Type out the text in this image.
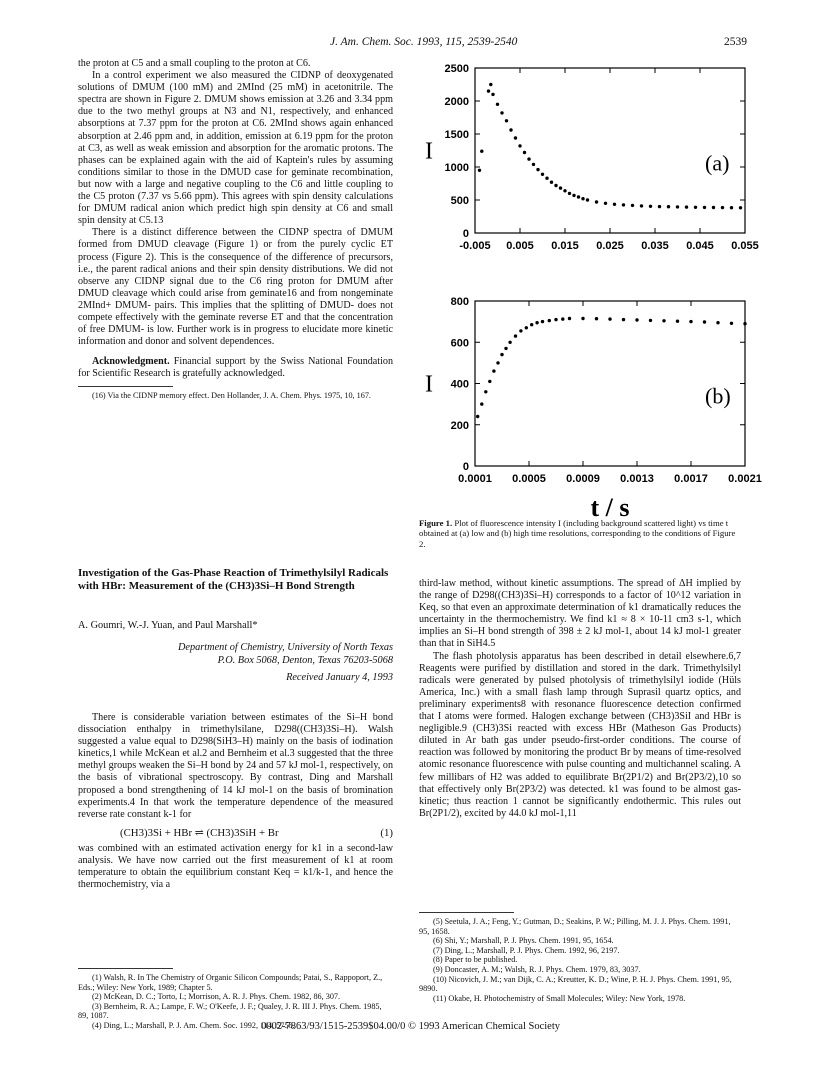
J. Am. Chem. Soc. 1993, 115, 2539-2540	2539

the proton at C5 and a small coupling to the proton at C6.

In a control experiment we also measured the CIDNP of deoxygenated solutions of DMUM (100 mM) and 2MInd (25 mM) in acetonitrile. The spectra are shown in Figure 2. DMUM shows emission at 3.26 and 3.34 ppm due to the two methyl groups at N3 and N1, respectively, and enhanced absorptions at 7.37 ppm for the proton at C6. 2MInd shows again enhanced absorption at 2.46 ppm and, in addition, emission at 6.19 ppm for the proton at C3, as well as weak emission and absorption for the aromatic protons. The phases can be explained again with the aid of Kaptein's rules by assuming conditions similar to those in the DMUD case for geminate recombination, but now with a large and negative coupling to the C6 and little coupling to the C5 proton (7.37 vs 5.66 ppm). This agrees with spin density calculations for DMUM radical anion which predict high spin density at C6 and small spin density at C5.13

There is a distinct difference between the CIDNP spectra of DMUM formed from DMUD cleavage (Figure 1) or from the purely cyclic ET process (Figure 2). This is the consequence of the difference of precursors, i.e., the parent radical anions and their spin density distributions. We did not observe any CIDNP signal due to the C6 ring proton for DMUM after DMUD cleavage which could arise from geminate16 and from nongeminate 2MInd+ DMUM- pairs. This implies that the splitting of DMUD- does not compete effectively with the geminate reverse ET and that the concentration of free DMUM- is low. Further work is in progress to elucidate more kinetic information and donor and solvent dependences.

Acknowledgment. Financial support by the Swiss National Foundation for Scientific Research is gratefully acknowledged.

(16) Via the CIDNP memory effect. Den Hollander, J. A. Chem. Phys. 1975, 10, 167.

0
500
1000
1500
2000
2500
-0.005 0.005 0.015 0.025 0.035 0.045 0.055
I	(a)
0
200
400
600
800
0.0001 0.0005 0.0009 0.0013 0.0017 0.0021
I	(b)
t / s
Figure 1. Plot of fluorescence intensity I (including background scattered light) vs time t obtained at (a) low and (b) high time resolutions, corresponding to the conditions of Figure 2.
Investigation of the Gas-Phase Reaction of Trimethylsilyl Radicals with HBr: Measurement of the (CH3)3Si–H Bond Strength
A. Goumri, W.-J. Yuan, and Paul Marshall*
Department of Chemistry, University of North Texas
P.O. Box 5068, Denton, Texas 76203-5068
Received January 4, 1993

There is considerable variation between estimates of the Si–H bond dissociation enthalpy in trimethylsilane, D298((CH3)3Si–H). Walsh suggested a value equal to D298(SiH3–H) mainly on the basis of iodination kinetics,1 while McKean et al.2 and Bernheim et al.3 suggested that the three methyl groups weaken the Si–H bond by 24 and 57 kJ mol-1, respectively, on the basis of vibrational spectroscopy. By contrast, Ding and Marshall proposed a bond strengthening of 14 kJ mol-1 on the basis of bromination experiments.4 In that work the temperature dependence of the measured reverse rate constant k-1 for

(CH3)3Si + HBr ⇌ (CH3)3SiH + Br	(1)

was combined with an estimated activation energy for k1 in a second-law analysis. We have now carried out the first measurement of k1 at room temperature to obtain the equilibrium constant Keq = k1/k-1, and hence the thermochemistry, via a

(1) Walsh, R. In The Chemistry of Organic Silicon Compounds; Patai, S., Rappoport, Z., Eds.; Wiley: New York, 1989; Chapter 5.

(2) McKean, D. C.; Torto, I.; Morrison, A. R. J. Phys. Chem. 1982, 86, 307.

(3) Bernheim, R. A.; Lampe, F. W.; O'Keefe, J. F.; Qualey, J. R. III J. Phys. Chem. 1985, 89, 1087.

(4) Ding, L.; Marshall, P. J. Am. Chem. Soc. 1992, 114, 5756.

third-law method, without kinetic assumptions. The spread of ΔH implied by the range of D298((CH3)3Si–H) corresponds to a factor of 10^12 variation in Keq, so that even an approximate determination of k1 dramatically reduces the uncertainty in the thermochemistry. We find k1 ≈ 8 × 10-11 cm3 s-1, which implies an Si–H bond strength of 398 ± 2 kJ mol-1, about 14 kJ mol-1 greater than that in SiH4.5

The flash photolysis apparatus has been described in detail elsewhere.6,7 Reagents were purified by distillation and stored in the dark. Trimethylsilyl radicals were generated by pulsed photolysis of trimethylsilyl iodide (Hüls America, Inc.) with a small flash lamp through Suprasil quartz optics, and preliminary experiments8 with resonance fluorescence detection confirmed that I atoms were formed. Halogen exchange between (CH3)3SiI and HBr is negligible.9 (CH3)3Si reacted with excess HBr (Matheson Gas Products) diluted in Ar bath gas under pseudo-first-order conditions. The course of reaction was followed by monitoring the product Br by means of time-resolved atomic resonance fluorescence with pulse counting and multichannel scaling. A few millibars of H2 was added to equilibrate Br(2P1/2) and Br(2P3/2),10 so that effectively only Br(2P3/2) was detected. k1 was found to be almost gas-kinetic; thus reaction 1 cannot be significantly endothermic. This rules out Br(2P1/2), excited by 44.0 kJ mol-1,11

(5) Seetula, J. A.; Feng, Y.; Gutman, D.; Seakins, P. W.; Pilling, M. J. J. Phys. Chem. 1991, 95, 1658.

(6) Shi, Y.; Marshall, P. J. Phys. Chem. 1991, 95, 1654.

(7) Ding, L.; Marshall, P. J. Phys. Chem. 1992, 96, 2197.

(8) Paper to be published.

(9) Doncaster, A. M.; Walsh, R. J. Phys. Chem. 1979, 83, 3037.

(10) Nicovich, J. M.; van Dijk, C. A.; Kreutter, K. D.; Wine, P. H. J. Phys. Chem. 1991, 95, 9890.

(11) Okabe, H. Photochemistry of Small Molecules; Wiley: New York, 1978.

0002-7863/93/1515-2539$04.00/0 © 1993 American Chemical Society
